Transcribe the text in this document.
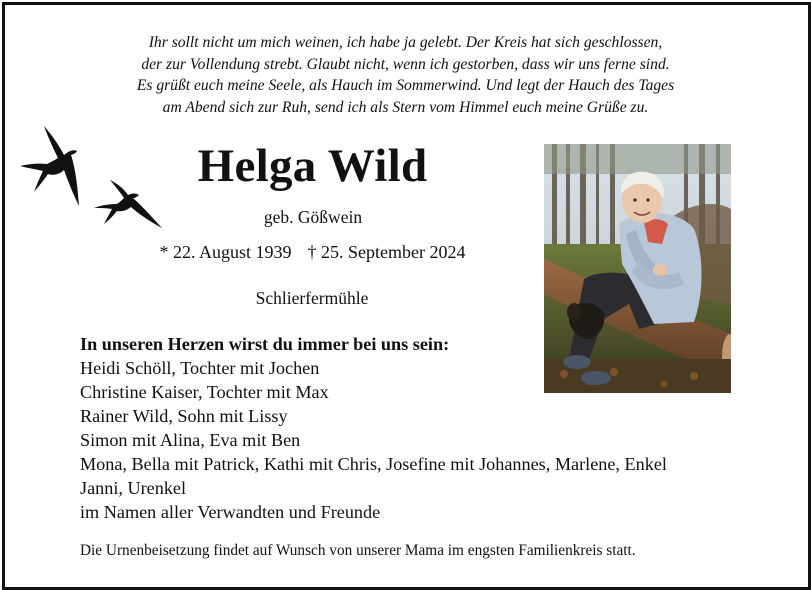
Ihr sollt nicht um mich weinen, ich habe ja gelebt. Der Kreis hat sich geschlossen,
der zur Vollendung strebt. Glaubt nicht, wenn ich gestorben, dass wir uns ferne sind.
Es grüßt euch meine Seele, als Hauch im Sommerwind. Und legt der Hauch des Tages
am Abend sich zur Ruh, send ich als Stern vom Himmel euch meine Grüße zu.
Helga Wild
geb. Gößwein
* 22. August 1939 † 25. September 2024
Schlierfermühle
In unseren Herzen wirst du immer bei uns sein:
Heidi Schöll, Tochter mit Jochen
Christine Kaiser, Tochter mit Max
Rainer Wild, Sohn mit Lissy
Simon mit Alina, Eva mit Ben
Mona, Bella mit Patrick, Kathi mit Chris, Josefine mit Johannes, Marlene, Enkel
Janni, Urenkel
im Namen aller Verwandten und Freunde
Die Urnenbeisetzung findet auf Wunsch von unserer Mama im engsten Familienkreis statt.
